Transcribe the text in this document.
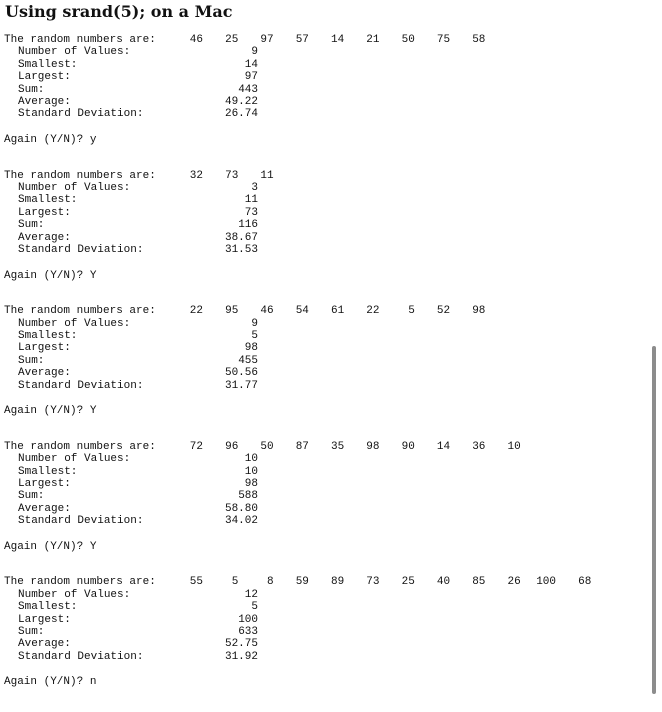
Using srand(5); on a Mac
The random numbers are:	46	25	97	57	14	21	50	75	58
Number of Values:	9
Smallest:	14
Largest:	97
Sum:	443
Average:	49.22
Standard Deviation:	26.74
Again (Y/N)? y
The random numbers are:	32	73	11
Number of Values:	3
Smallest:	11
Largest:	73
Sum:	116
Average:	38.67
Standard Deviation:	31.53
Again (Y/N)? Y
The random numbers are:	22	95	46	54	61	22	5	52	98
Number of Values:	9
Smallest:	5
Largest:	98
Sum:	455
Average:	50.56
Standard Deviation:	31.77
Again (Y/N)? Y
The random numbers are:	72	96	50	87	35	98	90	14	36	10
Number of Values:	10
Smallest:	10
Largest:	98
Sum:	588
Average:	58.80
Standard Deviation:	34.02
Again (Y/N)? Y
The random numbers are:	55	5	8	59	89	73	25	40	85	26	100	68
Number of Values:	12
Smallest:	5
Largest:	100
Sum:	633
Average:	52.75
Standard Deviation:	31.92
Again (Y/N)? n
